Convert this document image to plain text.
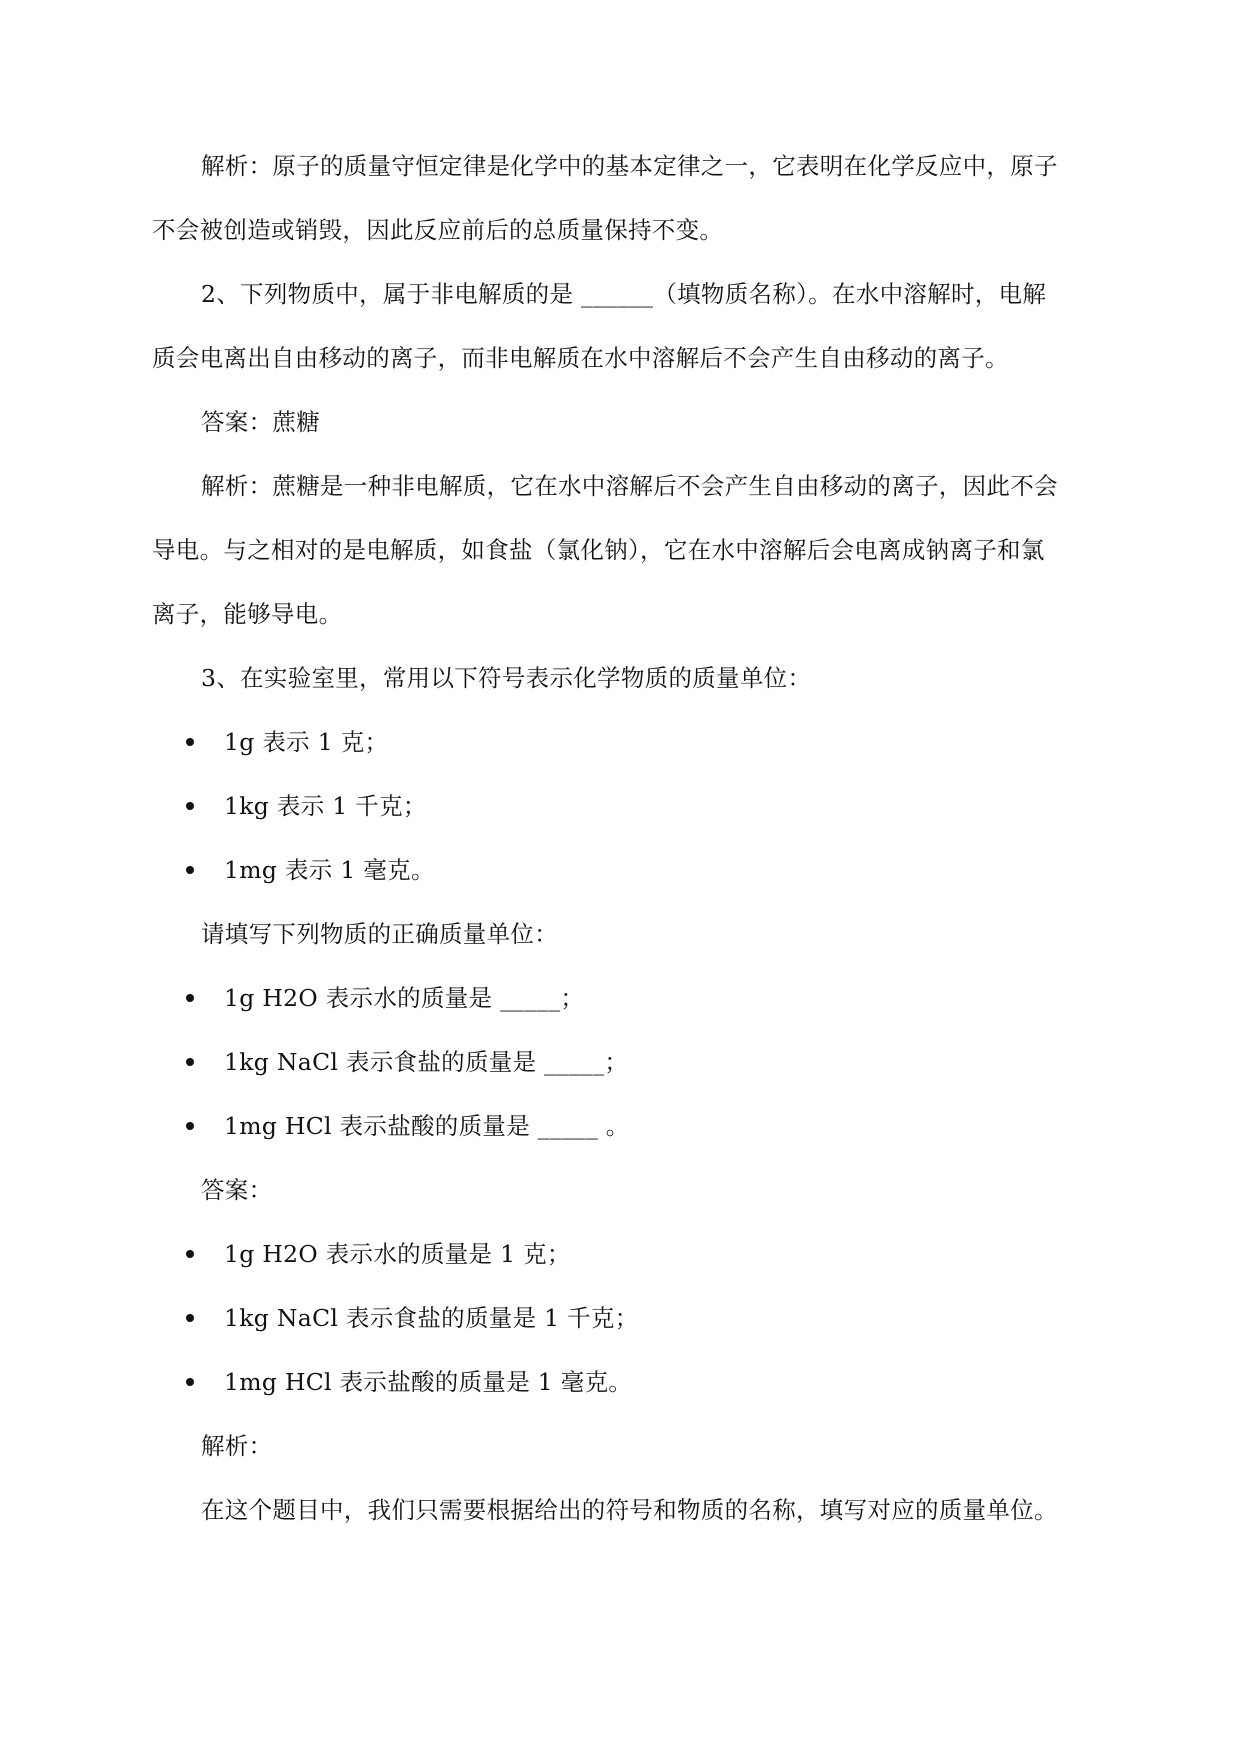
解析：原子的质量守恒定律是化学中的基本定律之一，它表明在化学反应中，原子
不会被创造或销毁，因此反应前后的总质量保持不变。
2、下列物质中，属于非电解质的是 ______（填物质名称）。在水中溶解时，电解
质会电离出自由移动的离子，而非电解质在水中溶解后不会产生自由移动的离子。
答案：蔗糖
解析：蔗糖是一种非电解质，它在水中溶解后不会产生自由移动的离子，因此不会
导电。与之相对的是电解质，如食盐（氯化钠），它在水中溶解后会电离成钠离子和氯
离子，能够导电。
3、在实验室里，常用以下符号表示化学物质的质量单位：
1g 表示 1 克；
1kg 表示 1 千克；
1mg 表示 1 毫克。
请填写下列物质的正确质量单位：
1g H2O 表示水的质量是 _____；
1kg NaCl 表示食盐的质量是 _____；
1mg HCl 表示盐酸的质量是 _____ 。
答案：
1g H2O 表示水的质量是 1 克；
1kg NaCl 表示食盐的质量是 1 千克；
1mg HCl 表示盐酸的质量是 1 毫克。
解析：
在这个题目中，我们只需要根据给出的符号和物质的名称，填写对应的质量单位。
